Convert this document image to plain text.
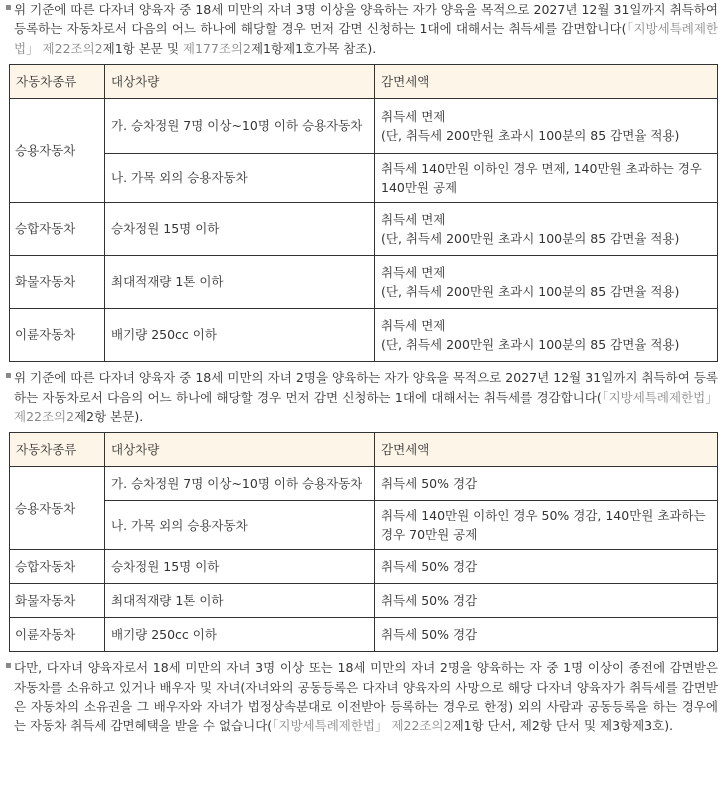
▪ 위 기준에 따른 다자녀 양육자 중 18세 미만의 자녀 3명 이상을 양육하는 자가 양육을 목적으로 2027년 12월 31일까지 취득하여 등록하는 자동차로서 다음의 어느 하나에 해당할 경우 먼저 감면 신청하는 1대에 대해서는 취득세를 감면합니다(「지방세특례제한법」 제22조의2제1항 본문 및 제177조의2제1항제1호가목 참조).

자동차종류	대상차량	감면세액
승용자동차	가. 승차정원 7명 이상~10명 이하 승용자동차	취득세 면제
(단, 취득세 200만원 초과시 100분의 85 감면율 적용)

	나. 가목 외의 승용자동차	취득세 140만원 이하인 경우 면제, 140만원 초과하는 경우 140만원 공제
승합자동차	승차정원 15명 이하	취득세 면제
(단, 취득세 200만원 초과시 100분의 85 감면율 적용)

화물자동차	최대적재량 1톤 이하	취득세 면제
(단, 취득세 200만원 초과시 100분의 85 감면율 적용)

이륜자동차	배기량 250cc 이하	취득세 면제
(단, 취득세 200만원 초과시 100분의 85 감면율 적용)

▪ 위 기준에 따른 다자녀 양육자 중 18세 미만의 자녀 2명을 양육하는 자가 양육을 목적으로 2027년 12월 31일까지 취득하여 등록하는 자동차로서 다음의 어느 하나에 해당할 경우 먼저 감면 신청하는 1대에 대해서는 취득세를 경감합니다(「지방세특례제한법」 제22조의2제2항 본문).

자동차종류	대상차량	감면세액
승용자동차	가. 승차정원 7명 이상~10명 이하 승용자동차	취득세 50% 경감
	나. 가목 외의 승용자동차	취득세 140만원 이하인 경우 50% 경감, 140만원 초과하는 경우 70만원 공제
승합자동차	승차정원 15명 이하	취득세 50% 경감
화물자동차	최대적재량 1톤 이하	취득세 50% 경감
이륜자동차	배기량 250cc 이하	취득세 50% 경감

▪ 다만, 다자녀 양육자로서 18세 미만의 자녀 3명 이상 또는 18세 미만의 자녀 2명을 양육하는 자 중 1명 이상이 종전에 감면받은 자동차를 소유하고 있거나 배우자 및 자녀(자녀와의 공동등록은 다자녀 양육자의 사망으로 해당 다자녀 양육자가 취득세를 감면받은 자동차의 소유권을 그 배우자와 자녀가 법정상속분대로 이전받아 등록하는 경우로 한정) 외의 사람과 공동등록을 하는 경우에는 자동차 취득세 감면혜택을 받을 수 없습니다(「지방세특례제한법」 제22조의2제1항 단서, 제2항 단서 및 제3항제3호).
